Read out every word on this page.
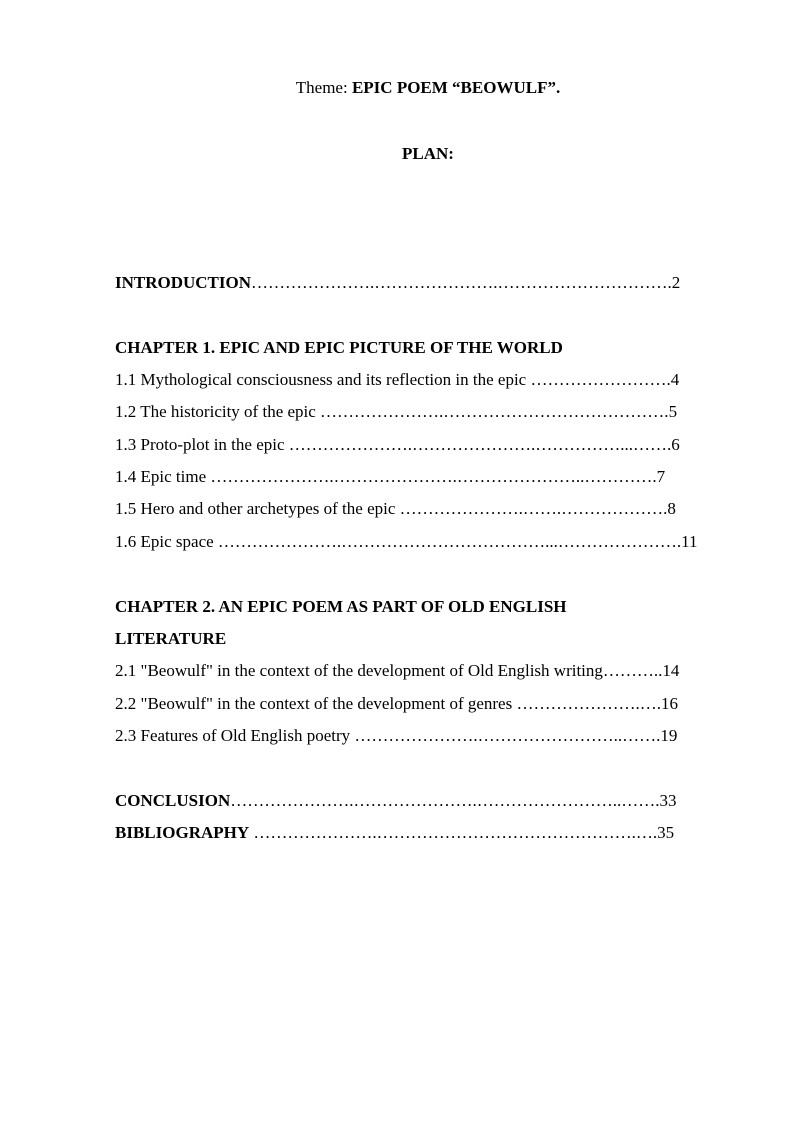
Theme: EPIC POEM “BEOWULF”.
PLAN:
INTRODUCTION………………….………………….………………………….2
CHAPTER 1. EPIC AND EPIC PICTURE OF THE WORLD
1.1 Mythological consciousness and its reflection in the epic …………………….4
1.2 The historicity of the epic ………………….………………………………….5
1.3 Proto-plot in the epic ………………….………………….……………...…….6
1.4 Epic time ………………….………………….…………………..………….7
1.5 Hero and other archetypes of the epic ………………….…….……………….8
1.6 Epic space ………………….………………………………...………………….11
CHAPTER 2. AN EPIC POEM AS PART OF OLD ENGLISH
LITERATURE
2.1 "Beowulf" in the context of the development of Old English writing………..14
2.2 "Beowulf" in the context of the development of genres ………………….….16
2.3 Features of Old English poetry ………………….……………………..…….19
CONCLUSION………………….………………….……………………..…….33
BIBLIOGRAPHY ………………….……………………………………….….35
